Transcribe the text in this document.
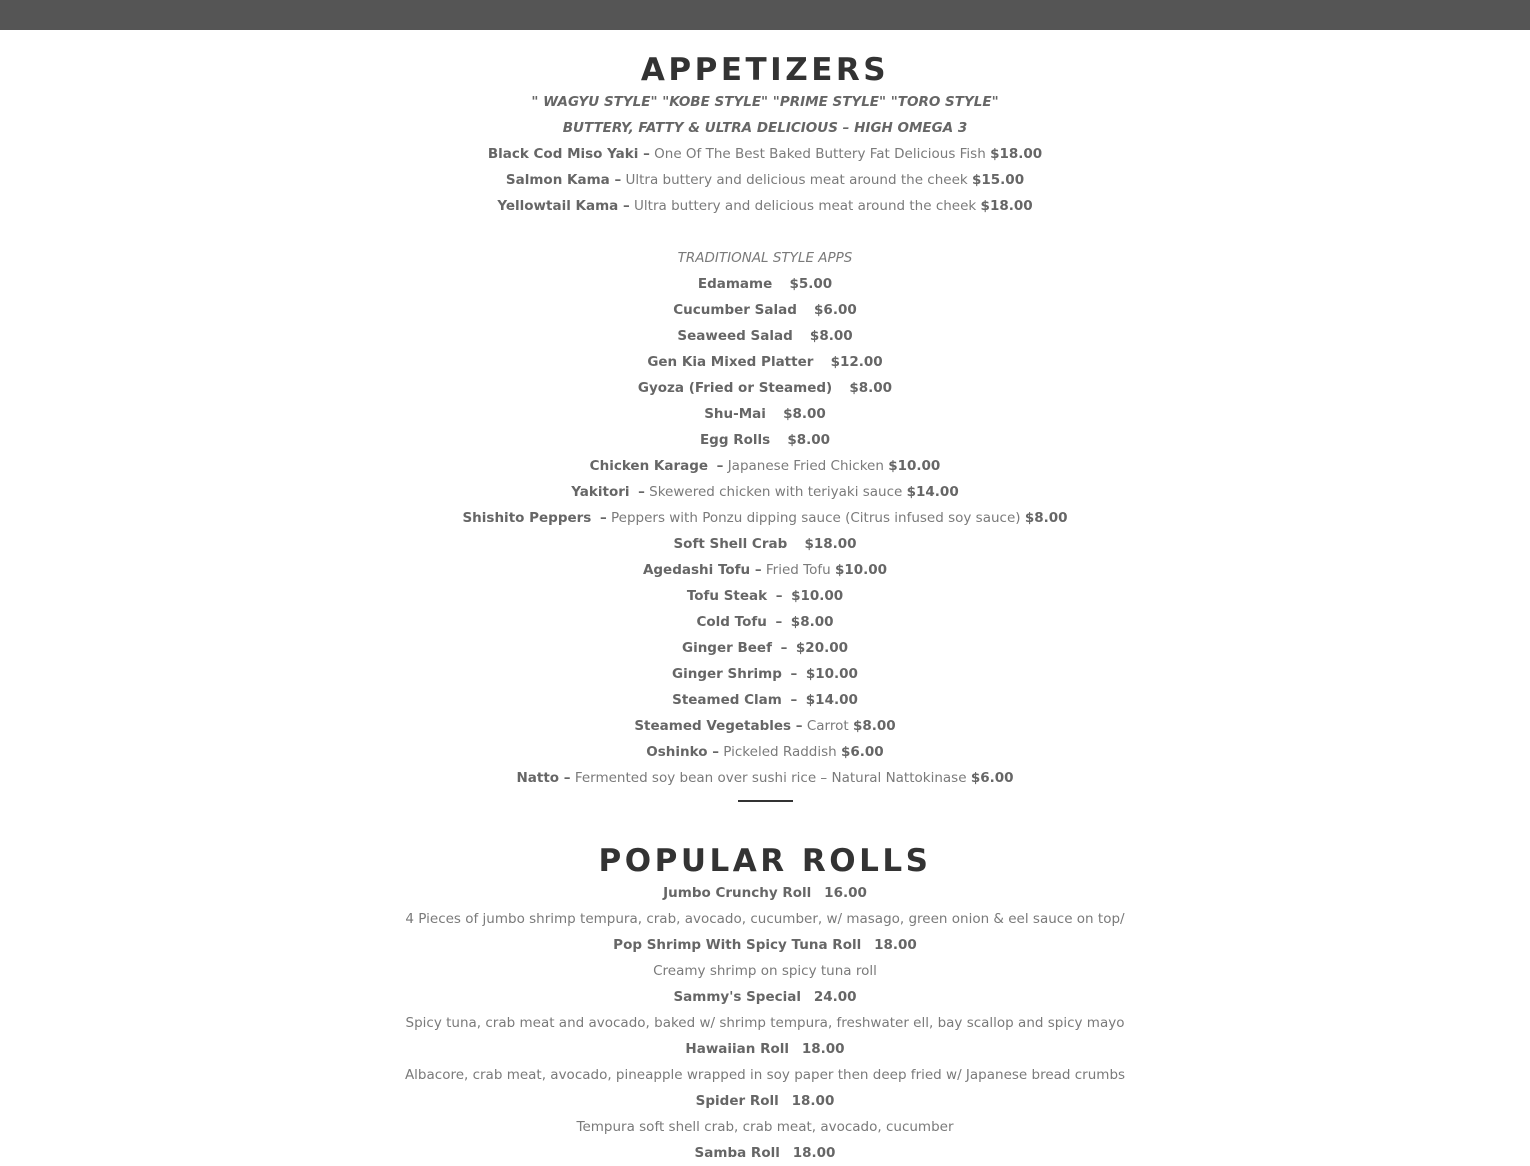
APPETIZERS
" WAGYU STYLE" "KOBE STYLE" "PRIME STYLE" "TORO STYLE"
BUTTERY, FATTY & ULTRA DELICIOUS – HIGH OMEGA 3
Black Cod Miso Yaki – One Of The Best Baked Buttery Fat Delicious Fish $18.00
Salmon Kama – Ultra buttery and delicious meat around the cheek $15.00
Yellowtail Kama – Ultra buttery and delicious meat around the cheek $18.00
TRADITIONAL STYLE APPS
Edamame $5.00
Cucumber Salad $6.00
Seaweed Salad $8.00
Gen Kia Mixed Platter $12.00
Gyoza (Fried or Steamed) $8.00
Shu-Mai $8.00
Egg Rolls $8.00
Chicken Karage – Japanese Fried Chicken $10.00
Yakitori – Skewered chicken with teriyaki sauce $14.00
Shishito Peppers – Peppers with Ponzu dipping sauce (Citrus infused soy sauce) $8.00
Soft Shell Crab $18.00
Agedashi Tofu – Fried Tofu $10.00
Tofu Steak – $10.00
Cold Tofu – $8.00
Ginger Beef – $20.00
Ginger Shrimp – $10.00
Steamed Clam – $14.00
Steamed Vegetables – Carrot $8.00
Oshinko – Pickeled Raddish $6.00
Natto – Fermented soy bean over sushi rice – Natural Nattokinase $6.00
POPULAR ROLLS
Jumbo Crunchy Roll 16.00
4 Pieces of jumbo shrimp tempura, crab, avocado, cucumber, w/ masago, green onion & eel sauce on top/
Pop Shrimp With Spicy Tuna Roll 18.00
Creamy shrimp on spicy tuna roll
Sammy's Special 24.00
Spicy tuna, crab meat and avocado, baked w/ shrimp tempura, freshwater ell, bay scallop and spicy mayo
Hawaiian Roll 18.00
Albacore, crab meat, avocado, pineapple wrapped in soy paper then deep fried w/ Japanese bread crumbs
Spider Roll 18.00
Tempura soft shell crab, crab meat, avocado, cucumber
Samba Roll 18.00
